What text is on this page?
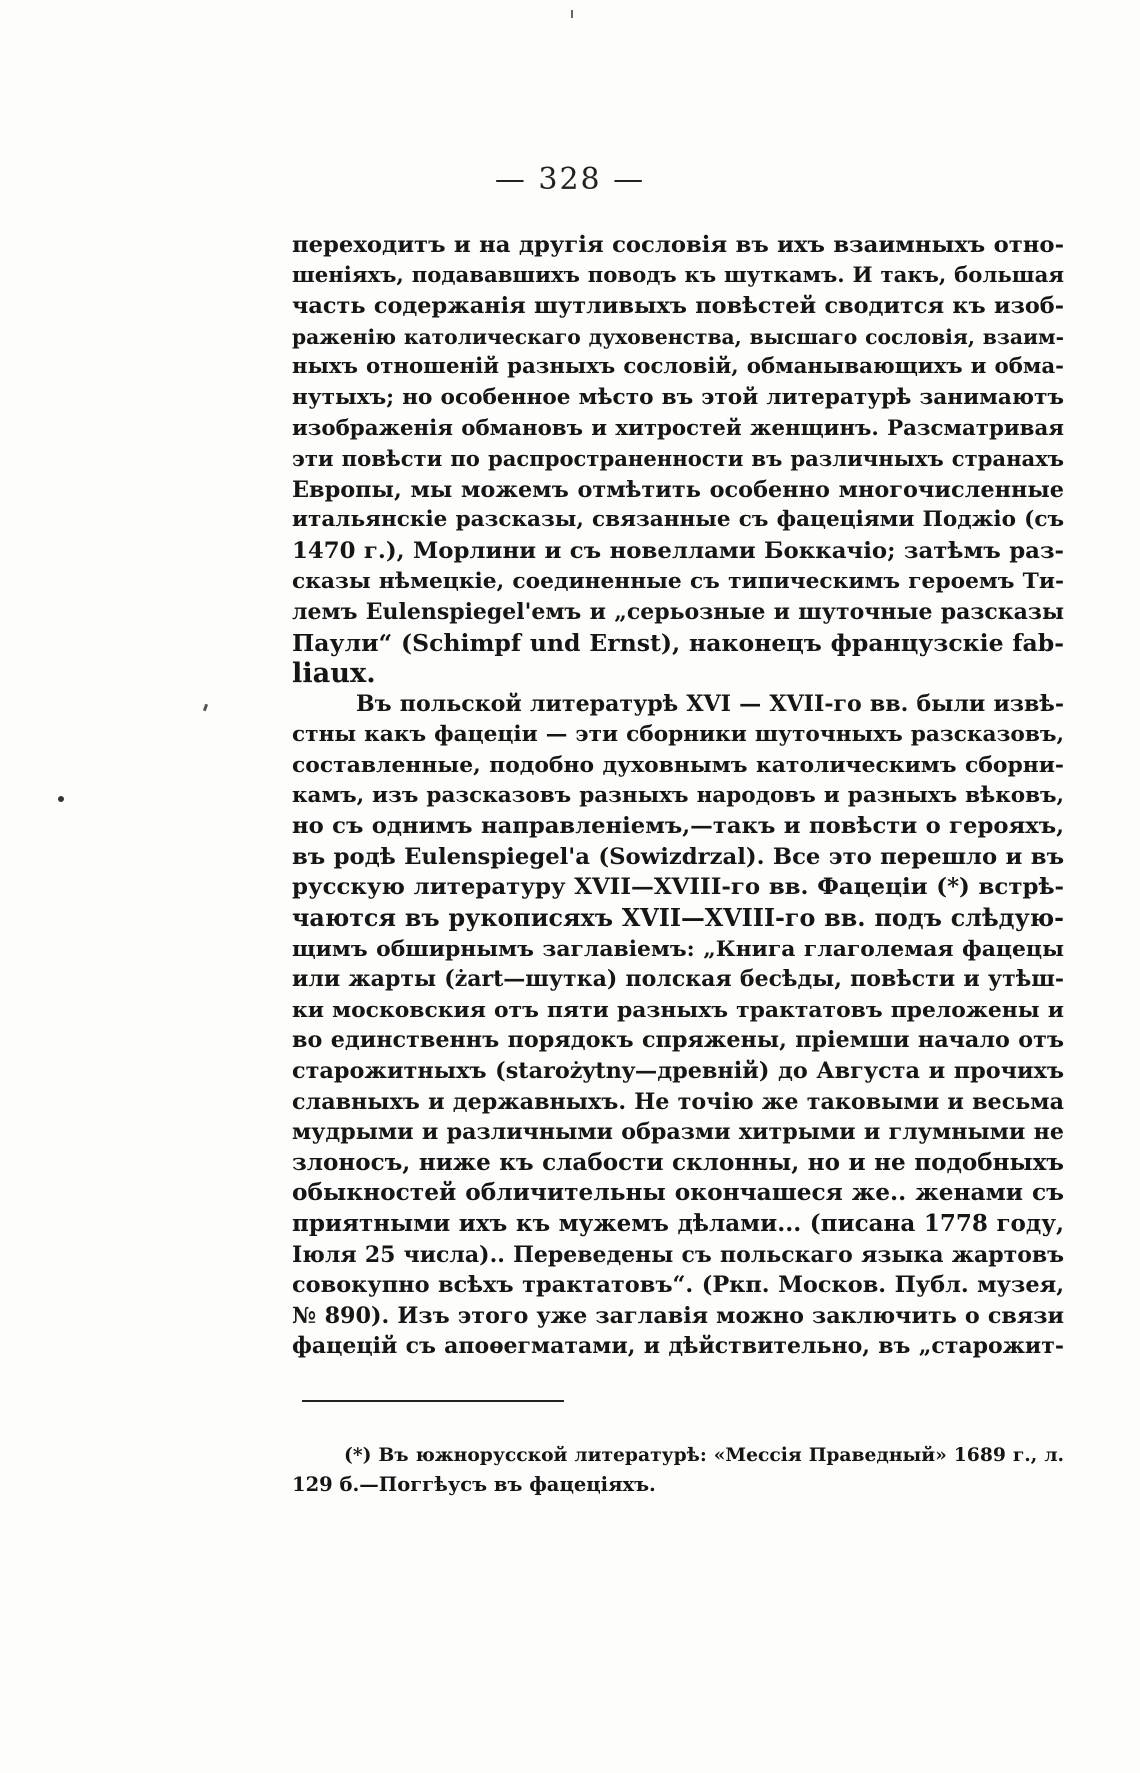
— 328 —

переходитъ и на другія сословія въ ихъ взаимныхъ отно-
шеніяхъ, подававшихъ поводъ къ шуткамъ. И такъ, большая
часть содержанія шутливыхъ повѣстей сводится къ изоб-
раженію католическаго духовенства, высшаго сословія, взаим-
ныхъ отношеній разныхъ сословій, обманывающихъ и обма-
нутыхъ; но особенное мѣсто въ этой литературѣ занимаютъ
изображенія обмановъ и хитростей женщинъ. Разсматривая
эти повѣсти по распространенности въ различныхъ странахъ
Европы, мы можемъ отмѣтить особенно многочисленные
итальянскіе разсказы, связанные съ фацеціями Поджіо (съ
1470 г.), Морлини и съ новеллами Боккачіо; затѣмъ раз-
сказы нѣмецкіе, соединенные съ типическимъ героемъ Ти-
лемъ Eulenspiegel'емъ и „серьозные и шуточные разсказы
Паули“ (Schimpf und Ernst), наконецъ французскіе fab-
liaux.

Въ польской литературѣ XVI — XVII-го вв. были извѣ-
стны какъ фацеціи — эти сборники шуточныхъ разсказовъ,
составленные, подобно духовнымъ католическимъ сборни-
камъ, изъ разсказовъ разныхъ народовъ и разныхъ вѣковъ,
но съ однимъ направленіемъ,—такъ и повѣсти о герояхъ,
въ родѣ Eulenspiegel'a (Sowizdrzal). Все это перешло и въ
русскую литературу XVII—XVIII-го вв. Фацеціи (*) встрѣ-
чаются въ рукописяхъ XVII—XVIII-го вв. подъ слѣдую-
щимъ обширнымъ заглавіемъ: „Книга глаголемая фацецы
или жарты (żart—шутка) полская бесѣды, повѣсти и утѣш-
ки московския отъ пяти разныхъ трактатовъ преложены и
во единственнъ порядокъ спряжены, пріемши начало отъ
старожитныхъ (starożytny—древній) до Августа и прочихъ
славныхъ и державныхъ. Не точію же таковыми и весьма
мудрыми и различными образми хитрыми и глумными не
злоносъ, ниже къ слабости склонны, но и не подобныхъ
обыкностей обличительны окончашеся же.. женами съ
приятными ихъ къ мужемъ дѣлами... (писана 1778 году,
Іюля 25 числа).. Переведены съ польскаго языка жартовъ
совокупно всѣхъ трактатовъ“. (Ркп. Москов. Публ. музея,
№ 890). Изъ этого уже заглавія можно заключить о связи
фацецій съ апоѳегматами, и дѣйствительно, въ „старожит-

(*) Въ южнорусской литературѣ: «Мессія Праведный» 1689 г., л.
129 б.—Поггѣусъ въ фацеціяхъ.
